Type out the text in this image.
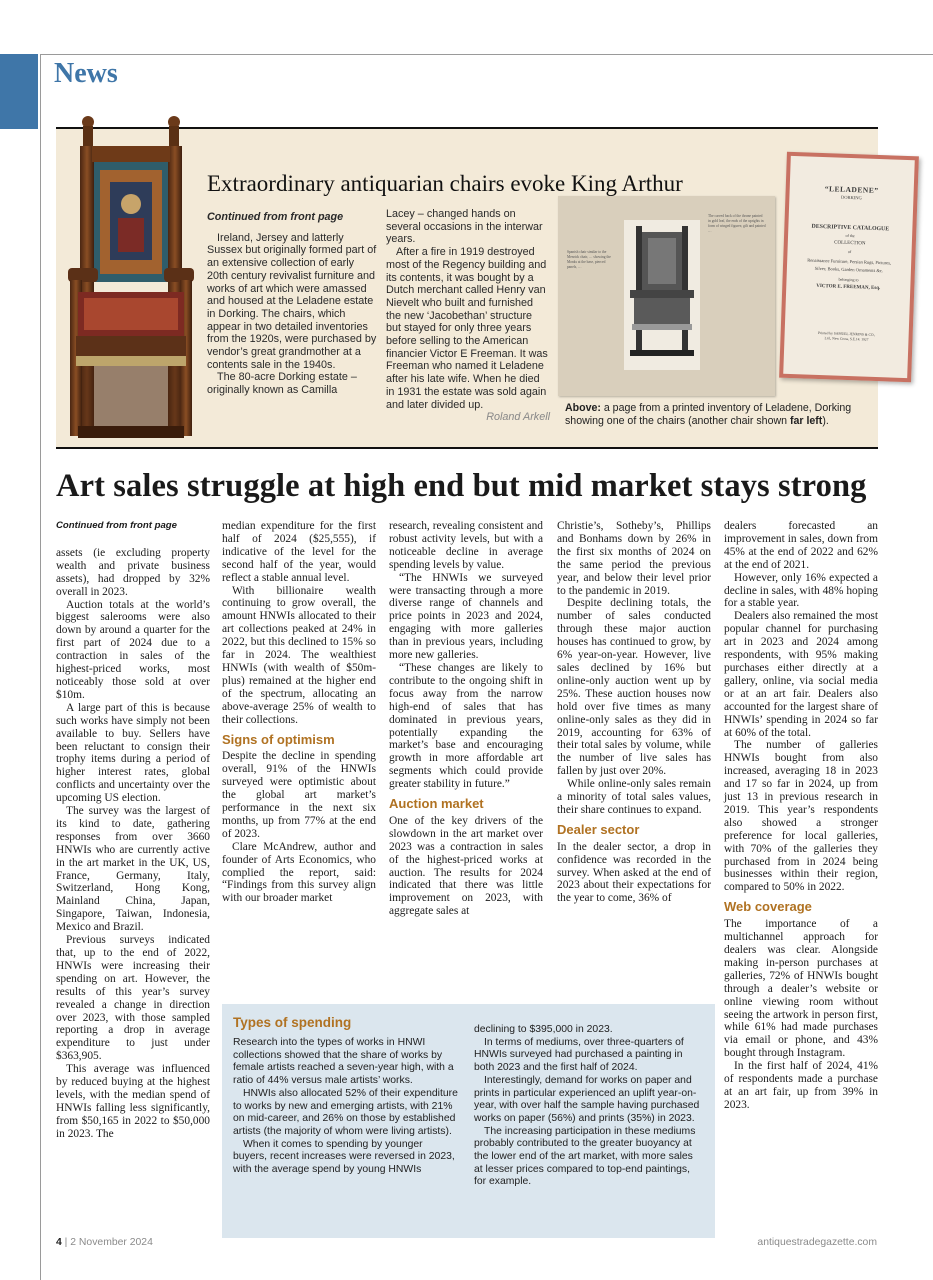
News
Extraordinary antiquarian chairs evoke King Arthur

Continued from front page

Ireland, Jersey and latterly Sussex but originally formed part of an extensive collection of early 20th century revivalist furniture and works of art which were amassed and housed at the Leladene estate in Dorking. The chairs, which appear in two detailed inventories from the 1920s, were purchased by vendor’s great grandmother at a contents sale in the 1940s.

The 80-acre Dorking estate – originally known as Camilla

Lacey – changed hands on several occasions in the interwar years.

After a fire in 1919 destroyed most of the Regency building and its contents, it was bought by a Dutch merchant called Henry van Nievelt who built and furnished the new ‘Jacobethan’ structure but stayed for only three years before selling to the American financier Victor E Freeman. It was Freeman who named it Leladene after his late wife. When he died in 1931 the estate was sold again and later divided up.
Roland Arkell

Spanish chair similar to the Menrick chair, … showing the Monks at the base, pierced panels, …
The carved back of the throne painted in gold leaf, the ends of the uprights in form of winged figures; gilt and painted …
“LELADENE”
DORKING
DESCRIPTIVE CATALOGUE
of the
COLLECTION
of
Renaissance Furniture, Persian Rugs, Pictures, Silver, Books, Garden Ornaments &c.
belonging to
VICTOR E. FREEMAN, Esq.
Printed by SAMUEL JENKINS & CO., Ltd., New Cross, S.E.14. 1927
Above: a page from a printed inventory of Leladene, Dorking showing one of the chairs (another chair shown far left).
Art sales struggle at high end but mid market stays strong

Continued from front page

assets (ie excluding property wealth and private business assets), had dropped by 32% overall in 2023.

Auction totals at the world’s biggest salerooms were also down by around a quarter for the first part of 2024 due to a contraction in sales of the highest-priced works, most noticeably those sold at over $10m.

A large part of this is because such works have simply not been available to buy. Sellers have been reluctant to consign their trophy items during a period of higher interest rates, global conflicts and uncertainty over the upcoming US election.

The survey was the largest of its kind to date, gathering responses from over 3660 HNWIs who are currently active in the art market in the UK, US, France, Germany, Italy, Switzerland, Hong Kong, Mainland China, Japan, Singapore, Taiwan, Indonesia, Mexico and Brazil.

Previous surveys indicated that, up to the end of 2022, HNWIs were increasing their spending on art. However, the results of this year’s survey revealed a change in direction over 2023, with those sampled reporting a drop in average expenditure to just under $363,905.

This average was influenced by reduced buying at the highest levels, with the median spend of HNWIs falling less significantly, from $50,165 in 2022 to $50,000 in 2023. The

median expenditure for the first half of 2024 ($25,555), if indicative of the level for the second half of the year, would reflect a stable annual level.

With billionaire wealth continuing to grow overall, the amount HNWIs allocated to their art collections peaked at 24% in 2022, but this declined to 15% so far in 2024. The wealthiest HNWIs (with wealth of $50m-plus) remained at the higher end of the spectrum, allocating an above-average 25% of wealth to their collections.

Signs of optimism

Despite the decline in spending overall, 91% of the HNWIs surveyed were optimistic about the global art market’s performance in the next six months, up from 77% at the end of 2023.

Clare McAndrew, author and founder of Arts Economics, who complied the report, said: “Findings from this survey align with our broader market

research, revealing consistent and robust activity levels, but with a noticeable decline in average spending levels by value.

“The HNWIs we surveyed were transacting through a more diverse range of channels and price points in 2023 and 2024, engaging with more galleries than in previous years, including more new galleries.

“These changes are likely to contribute to the ongoing shift in focus away from the narrow high-end of sales that has dominated in previous years, potentially expanding the market’s base and encouraging growth in more affordable art segments which could provide greater stability in future.”

Auction market

One of the key drivers of the slowdown in the art market over 2023 was a contraction in sales of the highest-priced works at auction. The results for 2024 indicated that there was little improvement on 2023, with aggregate sales at

Christie’s, Sotheby’s, Phillips and Bonhams down by 26% in the first six months of 2024 on the same period the previous year, and below their level prior to the pandemic in 2019.

Despite declining totals, the number of sales conducted through these major auction houses has continued to grow, by 6% year-on-year. However, live sales declined by 16% but online-only auction went up by 25%. These auction houses now hold over five times as many online-only sales as they did in 2019, accounting for 63% of their total sales by volume, while the number of live sales has fallen by just over 20%.

While online-only sales remain a minority of total sales values, their share continues to expand.

Dealer sector

In the dealer sector, a drop in confidence was recorded in the survey. When asked at the end of 2023 about their expectations for the year to come, 36% of

dealers forecasted an improvement in sales, down from 45% at the end of 2022 and 62% at the end of 2021.

However, only 16% expected a decline in sales, with 48% hoping for a stable year.

Dealers also remained the most popular channel for purchasing art in 2023 and 2024 among respondents, with 95% making purchases either directly at a gallery, online, via social media or at an art fair. Dealers also accounted for the largest share of HNWIs’ spending in 2024 so far at 60% of the total.

The number of galleries HNWIs bought from also increased, averaging 18 in 2023 and 17 so far in 2024, up from just 13 in previous research in 2019. This year’s respondents also showed a stronger preference for local galleries, with 70% of the galleries they purchased from in 2024 being businesses within their region, compared to 50% in 2022.

Web coverage

The importance of a multichannel approach for dealers was clear. Alongside making in-person purchases at galleries, 72% of HNWIs bought through a dealer’s website or online viewing room without seeing the artwork in person first, while 61% had made purchases via email or phone, and 43% bought through Instagram.

In the first half of 2024, 41% of respondents made a purchase at an art fair, up from 39% in 2023.

Types of spending

Research into the types of works in HNWI collections showed that the share of works by female artists reached a seven-year high, with a ratio of 44% versus male artists’ works.

HNWIs also allocated 52% of their expenditure to works by new and emerging artists, with 21% on mid-career, and 26% on those by established artists (the majority of whom were living artists).

When it comes to spending by younger buyers, recent increases were reversed in 2023, with the average spend by young HNWIs

declining to $395,000 in 2023.

In terms of mediums, over three-quarters of HNWIs surveyed had purchased a painting in both 2023 and the first half of 2024.

Interestingly, demand for works on paper and prints in particular experienced an uplift year-on-year, with over half the sample having purchased works on paper (56%) and prints (35%) in 2023.

The increasing participation in these mediums probably contributed to the greater buoyancy at the lower end of the art market, with more sales at lesser prices compared to top-end paintings, for example.

4 | 2 November 2024	antiquestradegazette.com
